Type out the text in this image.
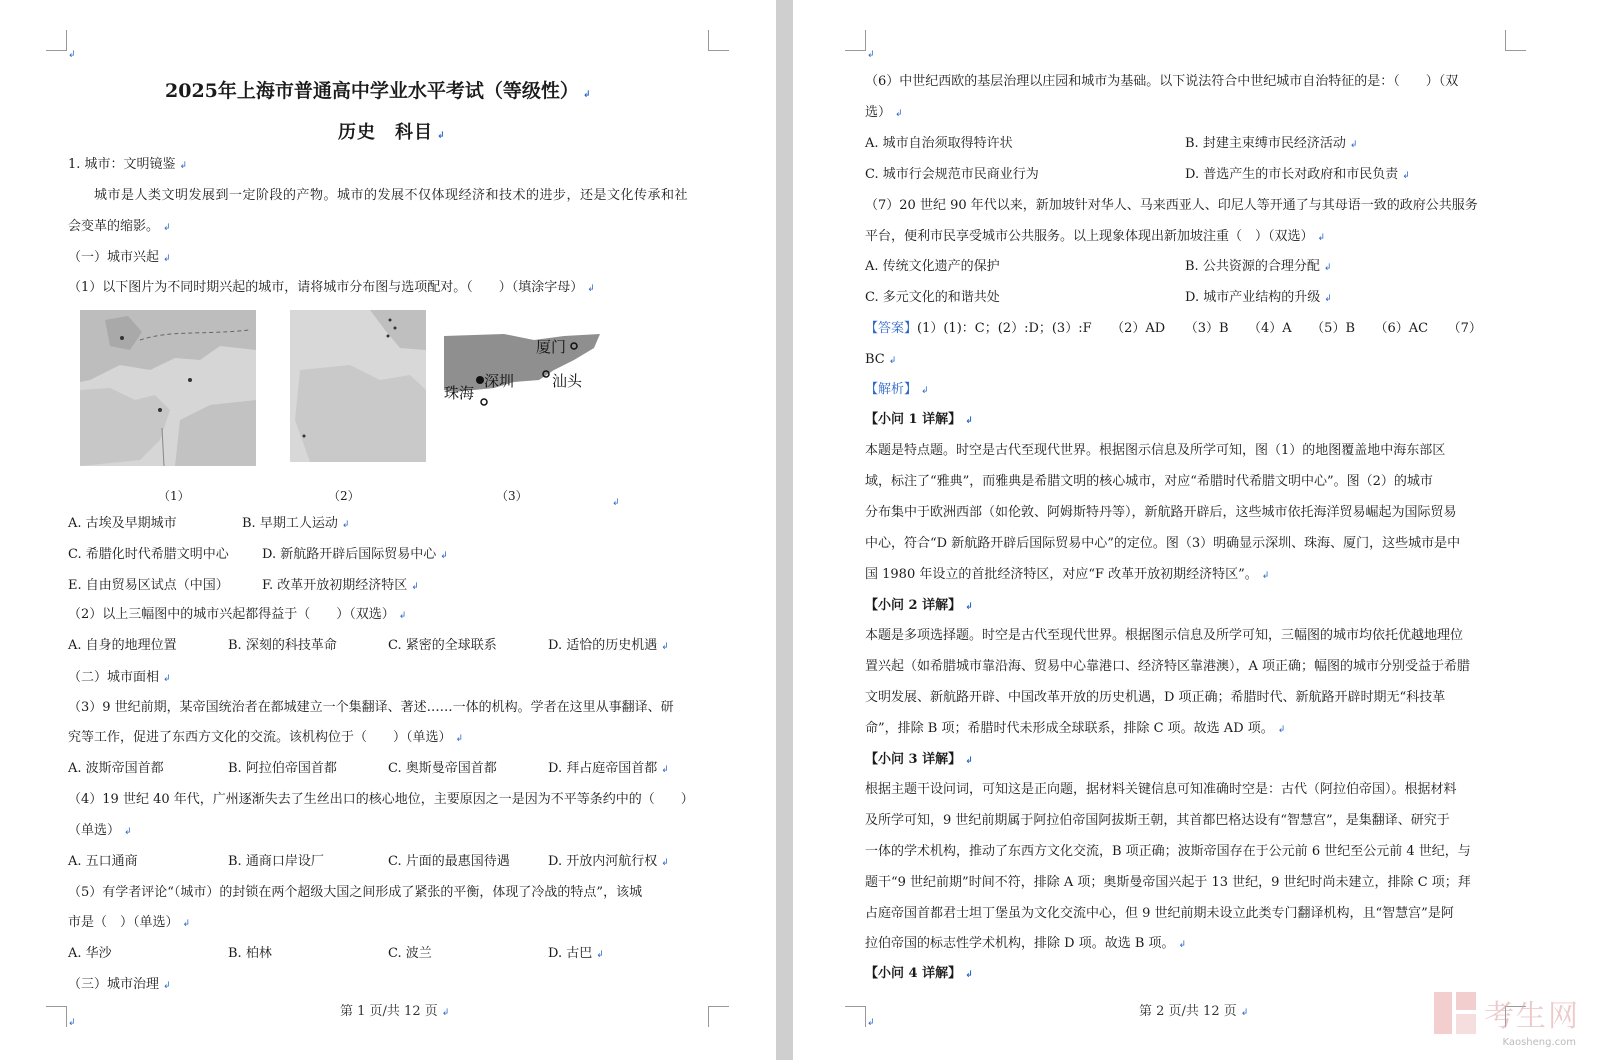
↲
↲
2025年上海市普通高中学业水平考试（等级性） ↲
历史　科目 ↲
1. 城市：文明镜鉴 ↲
城市是人类文明发展到一定阶段的产物。城市的发展不仅体现经济和技术的进步，还是文化传承和社
会变革的缩影。 ↲
（一）城市兴起 ↲
（1）以下图片为不同时期兴起的城市，请将城市分布图与选项配对。（　　）（填涂字母） ↲
深圳
珠海
厦门
汕头
（1）	（2）	（3）	↲
A. 古埃及早期城市	B. 早期工人运动 ↲
C. 希腊化时代希腊文明中心	D. 新航路开辟后国际贸易中心 ↲
E. 自由贸易区试点（中国）	F. 改革开放初期经济特区 ↲
（2）以上三幅图中的城市兴起都得益于（　　）（双选） ↲
A. 自身的地理位置	B. 深刻的科技革命	C. 紧密的全球联系	D. 适恰的历史机遇 ↲
（二）城市面相 ↲
（3）9 世纪前期，某帝国统治者在都城建立一个集翻译、著述……一体的机构。学者在这里从事翻译、研
究等工作，促进了东西方文化的交流。该机构位于（　　）（单选） ↲
A. 波斯帝国首都	B. 阿拉伯帝国首都	C. 奥斯曼帝国首都	D. 拜占庭帝国首都 ↲
（4）19 世纪 40 年代，广州逐渐失去了生丝出口的核心地位，主要原因之一是因为不平等条约中的（　　）
（单选） ↲
A. 五口通商	B. 通商口岸设厂	C. 片面的最惠国待遇	D. 开放内河航行权 ↲
（5）有学者评论“（城市）的封锁在两个超级大国之间形成了紧张的平衡，体现了冷战的特点”，该城
市是（　）（单选） ↲
A. 华沙	B. 柏林	C. 波兰	D. 古巴 ↲
（三）城市治理 ↲
第 1 页/共 12 页 ↲
↲
↲
（6）中世纪西欧的基层治理以庄园和城市为基础。以下说法符合中世纪城市自治特征的是：（　　）（双
选） ↲
A. 城市自治须取得特许状	B. 封建主束缚市民经济活动 ↲
C. 城市行会规范市民商业行为	D. 普选产生的市长对政府和市民负责 ↲
（7）20 世纪 90 年代以来，新加坡针对华人、马来西亚人、印尼人等开通了与其母语一致的政府公共服务
平台，便利市民享受城市公共服务。以上现象体现出新加坡注重（　）（双选） ↲
A. 传统文化遗产的保护	B. 公共资源的合理分配 ↲
C. 多元文化的和谐共处	D. 城市产业结构的升级 ↲
【答案】(1）(1)：C；(2）:D；(3）:F　　（2）AD　　（3）B　　（4）A　　（5）B　　（6）AC　　（7）
BC ↲
【解析】 ↲
【小问 1 详解】 ↲
本题是特点题。时空是古代至现代世界。根据图示信息及所学可知，图（1）的地图覆盖地中海东部区
域，标注了“雅典”，而雅典是希腊文明的核心城市，对应“希腊时代希腊文明中心”。图（2）的城市
分布集中于欧洲西部（如伦敦、阿姆斯特丹等），新航路开辟后，这些城市依托海洋贸易崛起为国际贸易
中心，符合“D 新航路开辟后国际贸易中心”的定位。图（3）明确显示深圳、珠海、厦门，这些城市是中
国 1980 年设立的首批经济特区，对应“F 改革开放初期经济特区”。 ↲
【小问 2 详解】 ↲
本题是多项选择题。时空是古代至现代世界。根据图示信息及所学可知，三幅图的城市均依托优越地理位
置兴起（如希腊城市靠沿海、贸易中心靠港口、经济特区靠港澳），A 项正确；幅图的城市分别受益于希腊
文明发展、新航路开辟、中国改革开放的历史机遇，D 项正确；希腊时代、新航路开辟时期无“科技革
命”，排除 B 项；希腊时代未形成全球联系，排除 C 项。故选 AD 项。 ↲
【小问 3 详解】 ↲
根据主题干设问词，可知这是正向题，据材料关键信息可知准确时空是：古代（阿拉伯帝国）。根据材料
及所学可知，9 世纪前期属于阿拉伯帝国阿拔斯王朝，其首都巴格达设有“智慧宫”，是集翻译、研究于
一体的学术机构，推动了东西方文化交流，B 项正确；波斯帝国存在于公元前 6 世纪至公元前 4 世纪，与
题干“9 世纪前期”时间不符，排除 A 项；奥斯曼帝国兴起于 13 世纪，9 世纪时尚未建立，排除 C 项；拜
占庭帝国首都君士坦丁堡虽为文化交流中心，但 9 世纪前期未设立此类专门翻译机构，且“智慧宫”是阿
拉伯帝国的标志性学术机构，排除 D 项。故选 B 项。 ↲
【小问 4 详解】 ↲
第 2 页/共 12 页 ↲	考生网
Kaosheng.com
